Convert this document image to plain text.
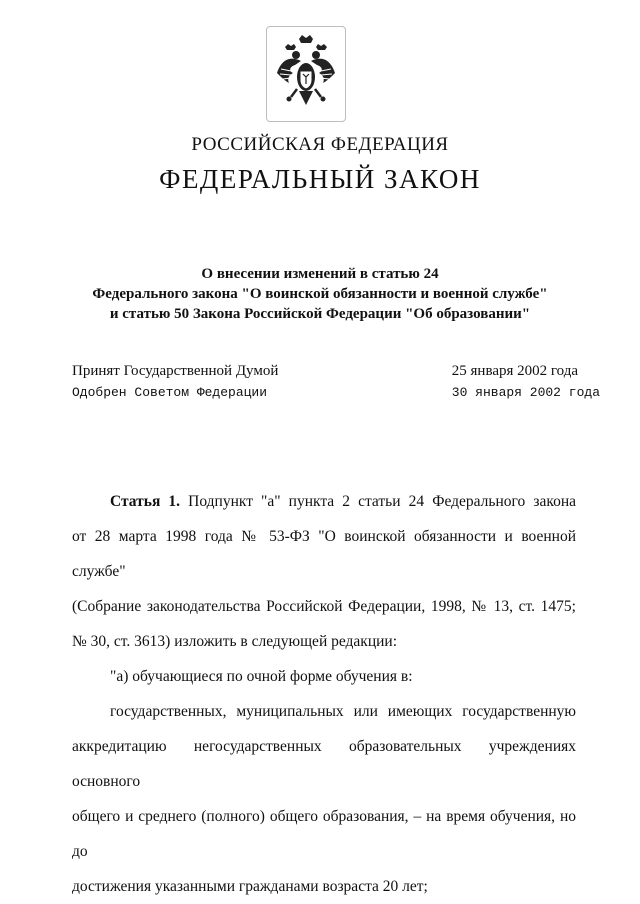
РОССИЙСКАЯ ФЕДЕРАЦИЯ
ФЕДЕРАЛЬНЫЙ ЗАКОН
О внесении изменений в статью 24
Федерального закона "О воинской обязанности и военной службе"
и статью 50 Закона Российской Федерации "Об образовании"
Принят Государственной Думой
Одобрен Советом Федерации
25 января 2002 года
30 января 2002 года

Статья 1. Подпункт "а" пункта 2 статьи 24 Федерального закона

от 28 марта 1998 года № 53-ФЗ "О воинской обязанности и военной службе"

(Собрание законодательства Российской Федерации, 1998, № 13, ст. 1475;

№ 30, ст. 3613) изложить в следующей редакции:

"а) обучающиеся по очной форме обучения в:

государственных, муниципальных или имеющих государственную

аккредитацию негосударственных образовательных учреждениях основного

общего и среднего (полного) общего образования, – на время обучения, но до

достижения указанными гражданами возраста 20 лет;
